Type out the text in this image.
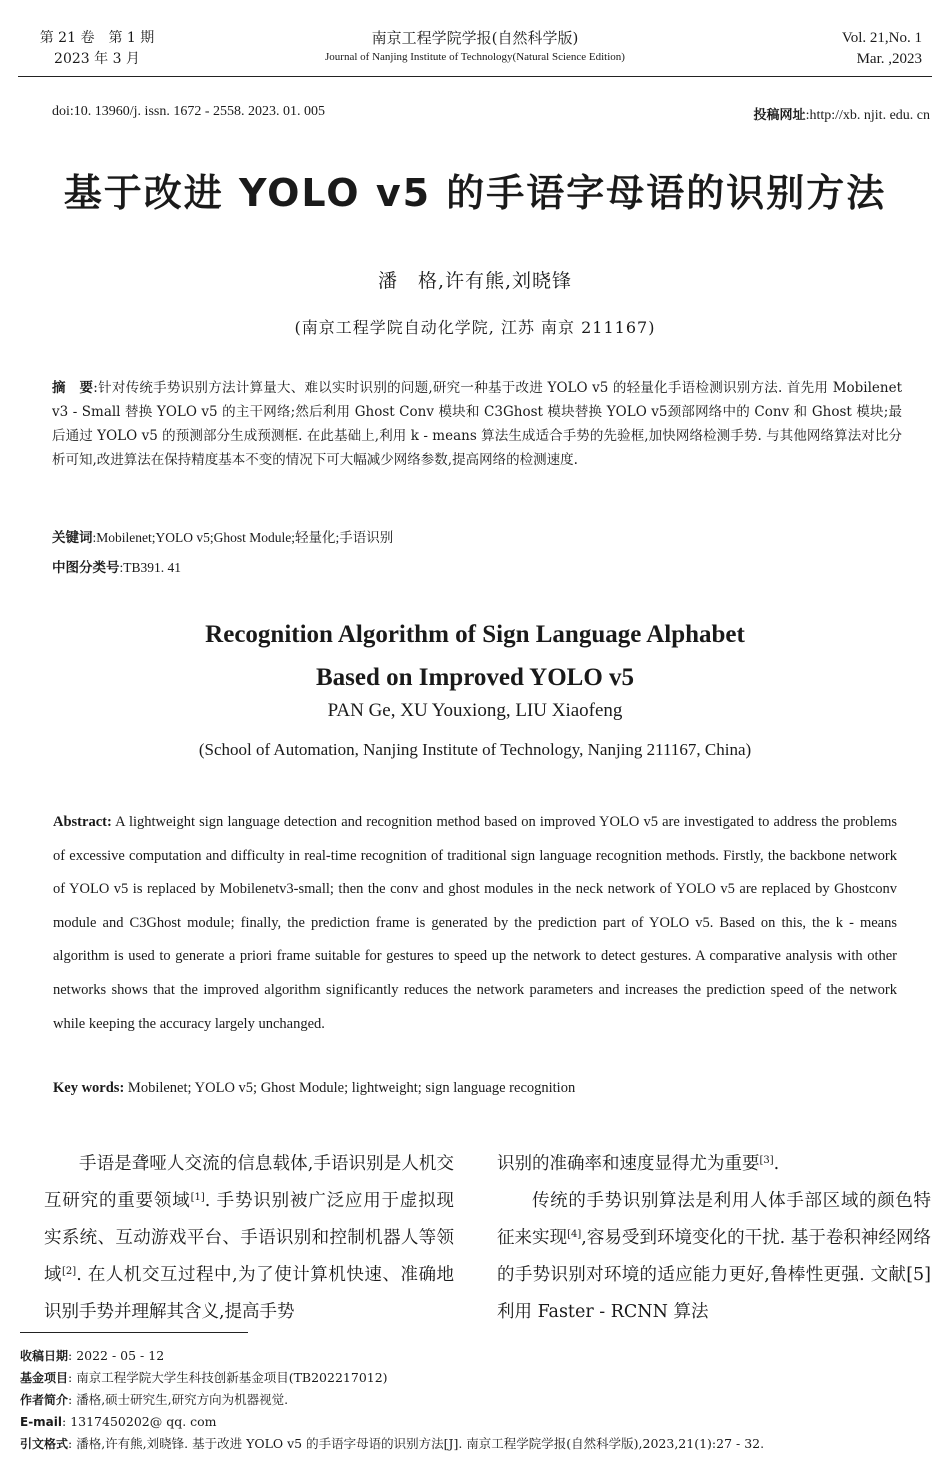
第 21 卷　第 1 期
2023 年 3 月
南京工程学院学报(自然科学版)
Journal of Nanjing Institute of Technology(Natural Science Edition)
Vol. 21,No. 1
Mar. ,2023
doi:10. 13960/j. issn. 1672 - 2558. 2023. 01. 005	投稿网址:http://xb. njit. edu. cn
基于改进 YOLO v5 的手语字母语的识别方法
潘　格,许有熊,刘晓锋
(南京工程学院自动化学院, 江苏 南京 211167)
摘　要:针对传统手势识别方法计算量大、难以实时识别的问题,研究一种基于改进 YOLO v5 的轻量化手语检测识别方法. 首先用 Mobilenet v3 - Small 替换 YOLO v5 的主干网络;然后利用 Ghost Conv 模块和 C3Ghost 模块替换 YOLO v5颈部网络中的 Conv 和 Ghost 模块;最后通过 YOLO v5 的预测部分生成预测框. 在此基础上,利用 k - means 算法生成适合手势的先验框,加快网络检测手势. 与其他网络算法对比分析可知,改进算法在保持精度基本不变的情况下可大幅减少网络参数,提高网络的检测速度.
关键词:Mobilenet;YOLO v5;Ghost Module;轻量化;手语识别
中图分类号:TB391. 41
Recognition Algorithm of Sign Language Alphabet
Based on Improved YOLO v5
PAN Ge, XU Youxiong, LIU Xiaofeng
(School of Automation, Nanjing Institute of Technology, Nanjing 211167, China)
Abstract: A lightweight sign language detection and recognition method based on improved YOLO v5 are investigated to address the problems of excessive computation and difficulty in real-time recognition of traditional sign language recognition methods. Firstly, the backbone network of YOLO v5 is replaced by Mobilenetv3-small; then the conv and ghost modules in the neck network of YOLO v5 are replaced by Ghostconv module and C3Ghost module; finally, the prediction frame is generated by the prediction part of YOLO v5. Based on this, the k - means algorithm is used to generate a priori frame suitable for gestures to speed up the network to detect gestures. A comparative analysis with other networks shows that the improved algorithm significantly reduces the network parameters and increases the prediction speed of the network while keeping the accuracy largely unchanged.
Key words: Mobilenet; YOLO v5; Ghost Module; lightweight; sign language recognition

手语是聋哑人交流的信息载体,手语识别是人机交互研究的重要领域[1]. 手势识别被广泛应用于虚拟现实系统、互动游戏平台、手语识别和控制机器人等领域[2]. 在人机交互过程中,为了使计算机快速、准确地识别手势并理解其含义,提高手势

识别的准确率和速度显得尤为重要[3].

传统的手势识别算法是利用人体手部区域的颜色特征来实现[4],容易受到环境变化的干扰. 基于卷积神经网络的手势识别对环境的适应能力更好,鲁棒性更强. 文献[5]利用 Faster - RCNN 算法

收稿日期: 2022 - 05 - 12
基金项目: 南京工程学院大学生科技创新基金项目(TB202217012)
作者简介: 潘格,硕士研究生,研究方向为机器视觉.
E-mail: 1317450202@ qq. com
引文格式: 潘格,许有熊,刘晓锋. 基于改进 YOLO v5 的手语字母语的识别方法[J]. 南京工程学院学报(自然科学版),2023,21(1):27 - 32.
